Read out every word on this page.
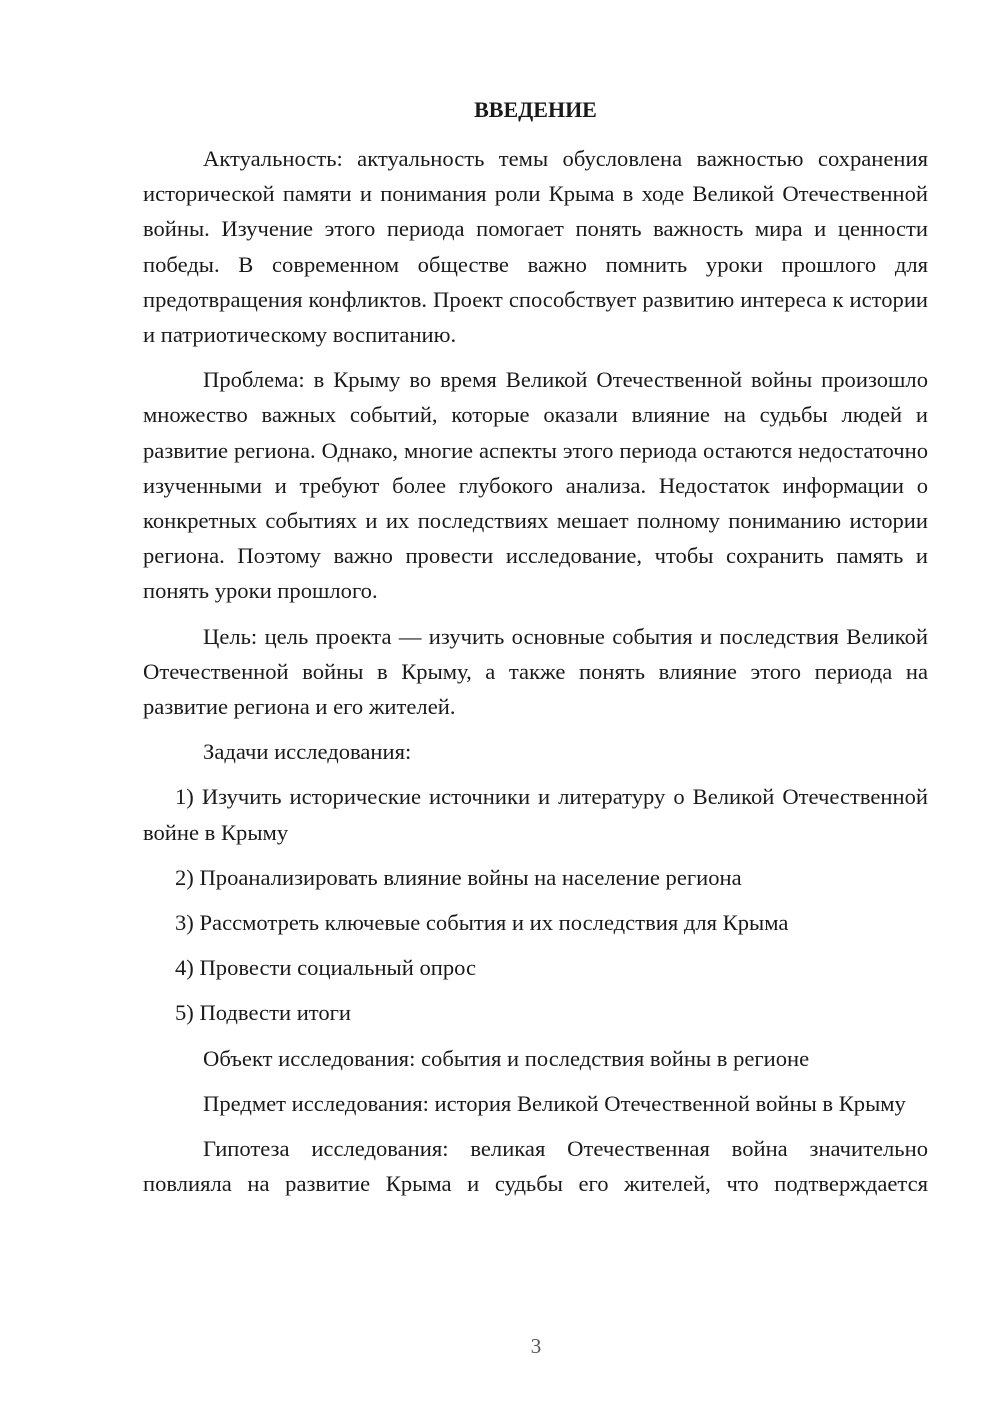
ВВЕДЕНИЕ

Актуальность: актуальность темы обусловлена важностью сохранения исторической памяти и понимания роли Крыма в ходе Великой Отечественной войны. Изучение этого периода помогает понять важность мира и ценности победы. В современном обществе важно помнить уроки прошлого для предотвращения конфликтов. Проект способствует развитию интереса к истории и патриотическому воспитанию.

Проблема: в Крыму во время Великой Отечественной войны произошло множество важных событий, которые оказали влияние на судьбы людей и развитие региона. Однако, многие аспекты этого периода остаются недостаточно изученными и требуют более глубокого анализа. Недостаток информации о конкретных событиях и их последствиях мешает полному пониманию истории региона. Поэтому важно провести исследование, чтобы сохранить память и понять уроки прошлого.

Цель: цель проекта — изучить основные события и последствия Великой Отечественной войны в Крыму, а также понять влияние этого периода на развитие региона и его жителей.

Задачи исследования:

1) Изучить исторические источники и литературу о Великой Отечественной войне в Крыму

2) Проанализировать влияние войны на население региона

3) Рассмотреть ключевые события и их последствия для Крыма

4) Провести социальный опрос

5) Подвести итоги

Объект исследования: события и последствия войны в регионе

Предмет исследования: история Великой Отечественной войны в Крыму

Гипотеза исследования: великая Отечественная война значительно повлияла на развитие Крыма и судьбы его жителей, что подтверждается

3
